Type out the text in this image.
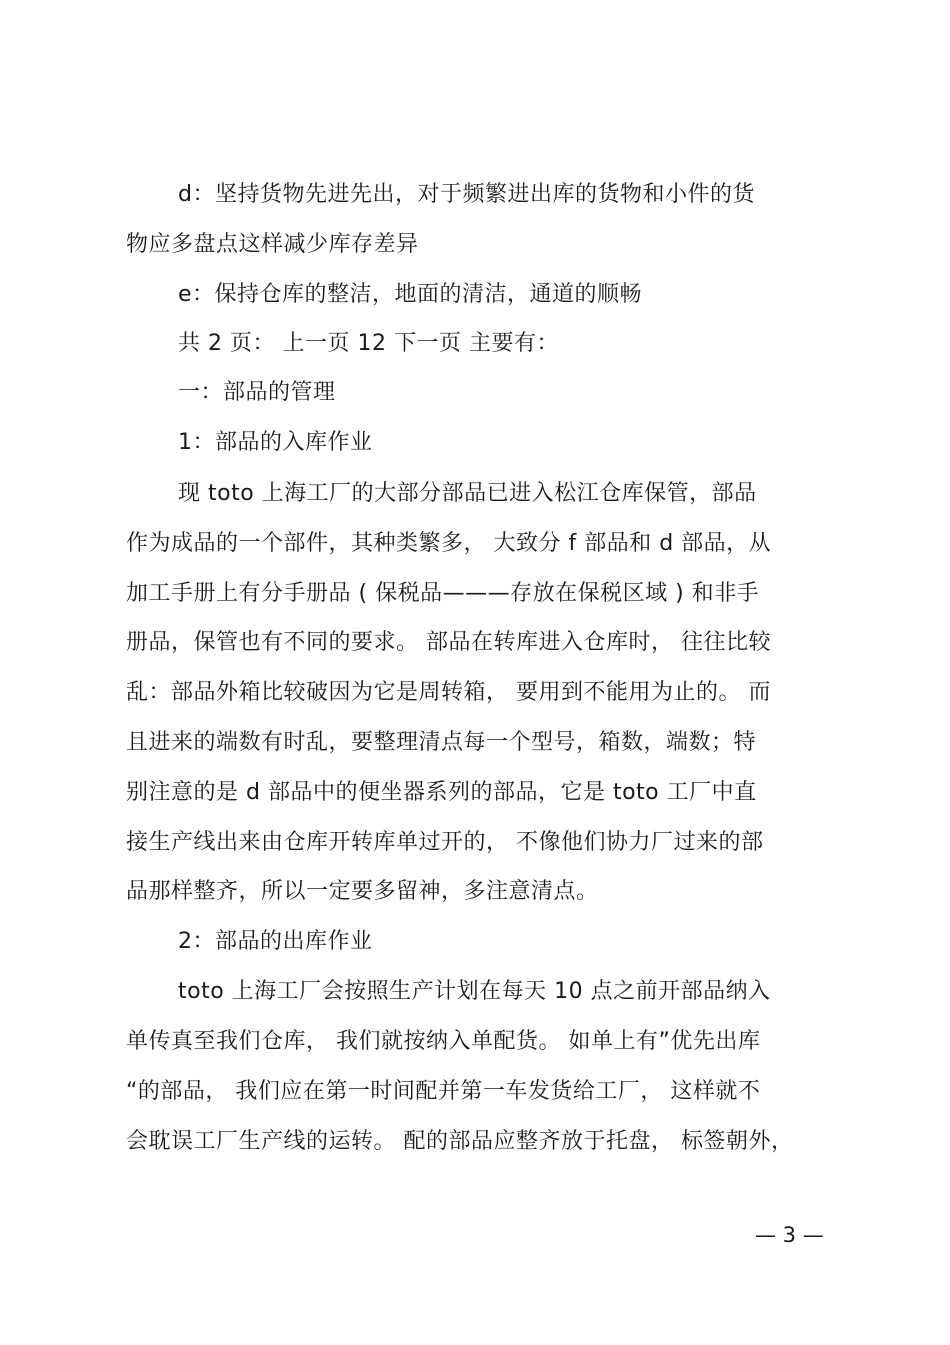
d：坚持货物先进先出，对于频繁进出库的货物和小件的货
物应多盘点这样减少库存差异
e：保持仓库的整洁，地面的清洁，通道的顺畅
共 2 页： 上一页 12 下一页 主要有：
一：部品的管理
1：部品的入库作业
现 toto 上海工厂的大部分部品已进入松江仓库保管，部品
作为成品的一个部件，其种类繁多， 大致分 f 部品和 d 部品，从
加工手册上有分手册品 ( 保税品———存放在保税区域 ) 和非手
册品，保管也有不同的要求。 部品在转库进入仓库时， 往往比较
乱：部品外箱比较破因为它是周转箱， 要用到不能用为止的。 而
且进来的端数有时乱，要整理清点每一个型号，箱数，端数；特
别注意的是 d 部品中的便坐器系列的部品，它是 toto 工厂中直
接生产线出来由仓库开转库单过开的， 不像他们协力厂过来的部
品那样整齐，所以一定要多留神，多注意清点。
2：部品的出库作业
toto 上海工厂会按照生产计划在每天 10 点之前开部品纳入
单传真至我们仓库， 我们就按纳入单配货。 如单上有”优先出库
“的部品， 我们应在第一时间配并第一车发货给工厂， 这样就不
会耽误工厂生产线的运转。 配的部品应整齐放于托盘， 标签朝外，
— 3 —
